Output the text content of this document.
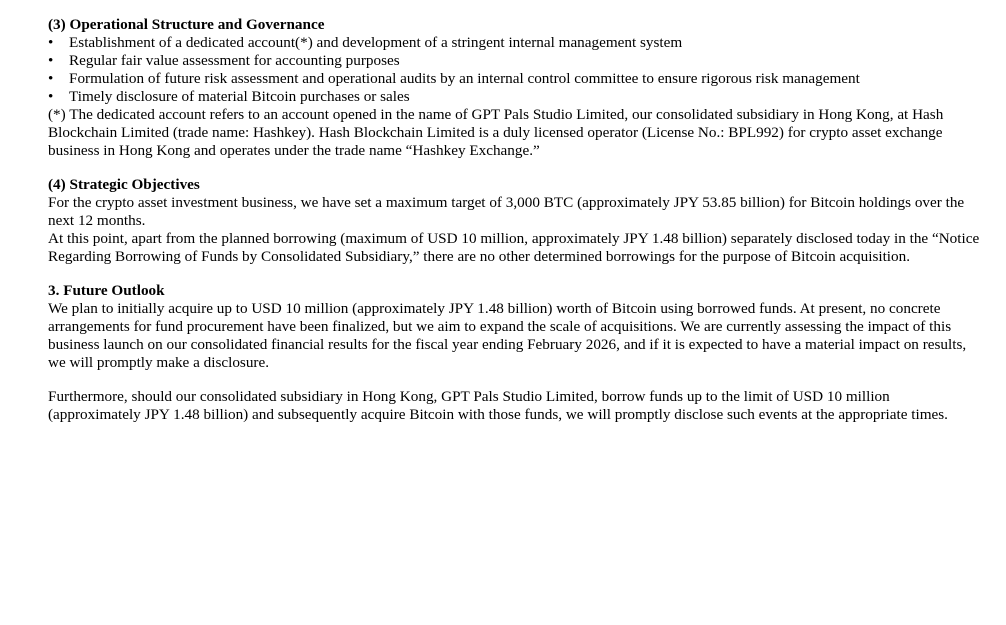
(3) Operational Structure and Governance

• Establishment of a dedicated account(*) and development of a stringent internal management system
• Regular fair value assessment for accounting purposes
• Formulation of future risk assessment and operational audits by an internal control committee to ensure rigorous risk management
• Timely disclosure of material Bitcoin purchases or sales

(*) The dedicated account refers to an account opened in the name of GPT Pals Studio Limited, our consolidated subsidiary in Hong Kong, at Hash Blockchain Limited (trade name: Hashkey). Hash Blockchain Limited is a duly licensed operator (License No.: BPL992) for crypto asset exchange business in Hong Kong and operates under the trade name “Hashkey Exchange.”

(4) Strategic Objectives

For the crypto asset investment business, we have set a maximum target of 3,000 BTC (approximately JPY 53.85 billion) for Bitcoin holdings over the next 12 months.

At this point, apart from the planned borrowing (maximum of USD 10 million, approximately JPY 1.48 billion) separately disclosed today in the “Notice Regarding Borrowing of Funds by Consolidated Subsidiary,” there are no other determined borrowings for the purpose of Bitcoin acquisition.

3. Future Outlook

We plan to initially acquire up to USD 10 million (approximately JPY 1.48 billion) worth of Bitcoin using borrowed funds. At present, no concrete arrangements for fund procurement have been finalized, but we aim to expand the scale of acquisitions. We are currently assessing the impact of this business launch on our consolidated financial results for the fiscal year ending February 2026, and if it is expected to have a material impact on results, we will promptly make a disclosure.

Furthermore, should our consolidated subsidiary in Hong Kong, GPT Pals Studio Limited, borrow funds up to the limit of USD 10 million (approximately JPY 1.48 billion) and subsequently acquire Bitcoin with those funds, we will promptly disclose such events at the appropriate times.
